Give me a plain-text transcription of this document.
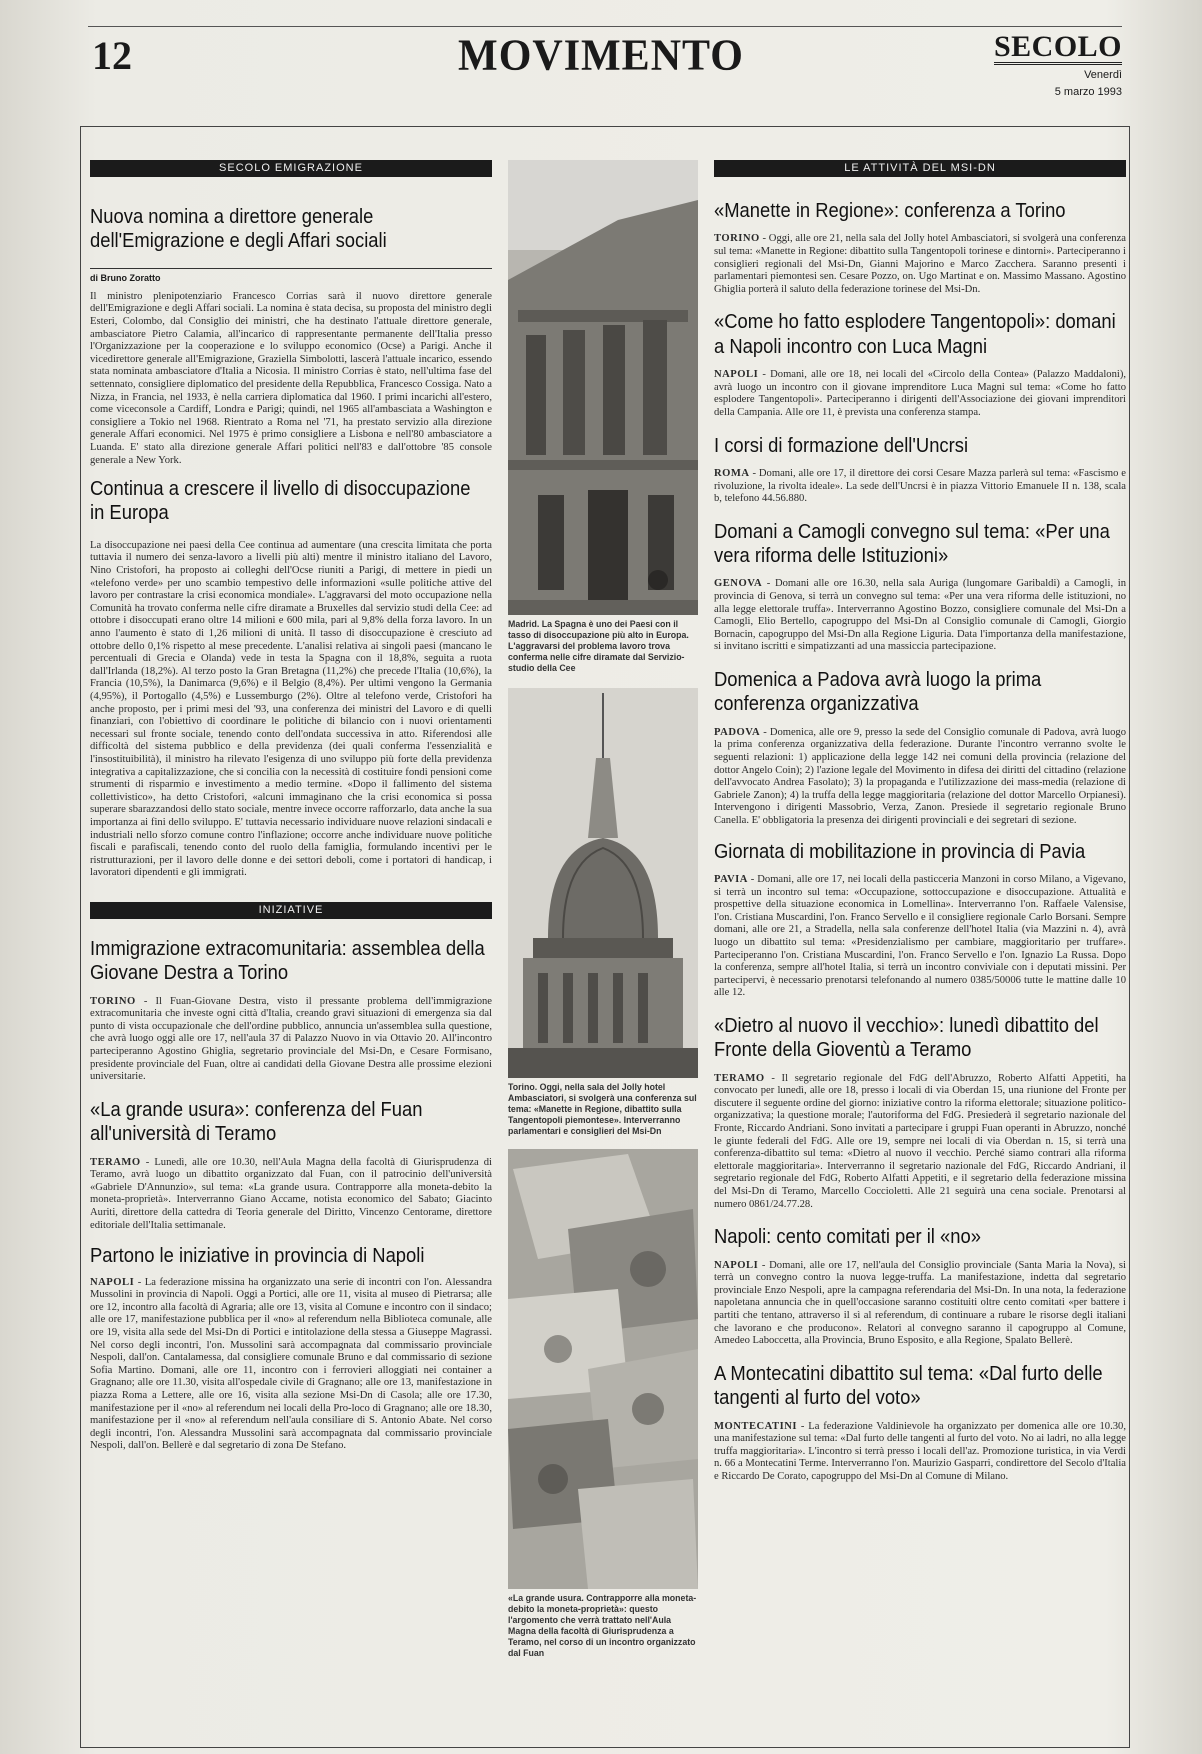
12	MOVIMENTO	SECOLO
Venerdì
5 marzo 1993
SECOLO EMIGRAZIONE
Nuova nomina a direttore generale dell'Emigrazione e degli Affari sociali
di Bruno Zoratto

Il ministro plenipotenziario Francesco Corrias sarà il nuovo direttore generale dell'Emigrazione e degli Affari sociali. La nomina è stata decisa, su proposta del ministro degli Esteri, Colombo, dal Consiglio dei ministri, che ha destinato l'attuale direttore generale, ambasciatore Pietro Calamia, all'incarico di rappresentante permanente dell'Italia presso l'Organizzazione per la cooperazione e lo sviluppo economico (Ocse) a Parigi. Anche il vicedirettore generale all'Emigrazione, Graziella Simbolotti, lascerà l'attuale incarico, essendo stata nominata ambasciatore d'Italia a Nicosia. Il ministro Corrias è stato, nell'ultima fase del settennato, consigliere diplomatico del presidente della Repubblica, Francesco Cossiga. Nato a Nizza, in Francia, nel 1933, è nella carriera diplomatica dal 1960. I primi incarichi all'estero, come viceconsole a Cardiff, Londra e Parigi; quindi, nel 1965 all'ambasciata a Washington e consigliere a Tokio nel 1968. Rientrato a Roma nel '71, ha prestato servizio alla direzione generale Affari economici. Nel 1975 è primo consigliere a Lisbona e nell'80 ambasciatore a Luanda. E' stato alla direzione generale Affari politici nell'83 e dall'ottobre '85 console generale a New York.

Continua a crescere il livello di disoccupazione in Europa

La disoccupazione nei paesi della Cee continua ad aumentare (una crescita limitata che porta tuttavia il numero dei senza-lavoro a livelli più alti) mentre il ministro italiano del Lavoro, Nino Cristofori, ha proposto ai colleghi dell'Ocse riuniti a Parigi, di mettere in piedi un «telefono verde» per uno scambio tempestivo delle informazioni «sulle politiche attive del lavoro per contrastare la crisi economica mondiale». L'aggravarsi del moto occupazione nella Comunità ha trovato conferma nelle cifre diramate a Bruxelles dal servizio studi della Cee: ad ottobre i disoccupati erano oltre 14 milioni e 600 mila, pari al 9,8% della forza lavoro. In un anno l'aumento è stato di 1,26 milioni di unità. Il tasso di disoccupazione è cresciuto ad ottobre dello 0,1% rispetto al mese precedente. L'analisi relativa ai singoli paesi (mancano le percentuali di Grecia e Olanda) vede in testa la Spagna con il 18,8%, seguita a ruota dall'Irlanda (18,2%). Al terzo posto la Gran Bretagna (11,2%) che precede l'Italia (10,6%), la Francia (10,5%), la Danimarca (9,6%) e il Belgio (8,4%). Per ultimi vengono la Germania (4,95%), il Portogallo (4,5%) e Lussemburgo (2%). Oltre al telefono verde, Cristofori ha anche proposto, per i primi mesi del '93, una conferenza dei ministri del Lavoro e di quelli finanziari, con l'obiettivo di coordinare le politiche di bilancio con i nuovi orientamenti necessari sul fronte sociale, tenendo conto dell'ondata successiva in atto. Riferendosi alle difficoltà del sistema pubblico e della previdenza (dei quali conferma l'essenzialità e l'insostituibilità), il ministro ha rilevato l'esigenza di uno sviluppo più forte della previdenza integrativa a capitalizzazione, che si concilia con la necessità di costituire fondi pensioni come strumenti di risparmio e investimento a medio termine. «Dopo il fallimento del sistema collettivistico», ha detto Cristofori, «alcuni immaginano che la crisi economica si possa superare sbarazzandosi dello stato sociale, mentre invece occorre rafforzarlo, data anche la sua importanza ai fini dello sviluppo. E' tuttavia necessario individuare nuove relazioni sindacali e industriali nello sforzo comune contro l'inflazione; occorre anche individuare nuove politiche fiscali e parafiscali, tenendo conto del ruolo della famiglia, formulando incentivi per le ristrutturazioni, per il lavoro delle donne e dei settori deboli, come i portatori di handicap, i lavoratori dipendenti e gli immigrati.

INIZIATIVE
Immigrazione extracomunitaria: assemblea della Giovane Destra a Torino

TORINO - Il Fuan-Giovane Destra, visto il pressante problema dell'immigrazione extracomunitaria che investe ogni città d'Italia, creando gravi situazioni di emergenza sia dal punto di vista occupazionale che dell'ordine pubblico, annuncia un'assemblea sulla questione, che avrà luogo oggi alle ore 17, nell'aula 37 di Palazzo Nuovo in via Ottavio 20. All'incontro parteciperanno Agostino Ghiglia, segretario provinciale del Msi-Dn, e Cesare Formisano, presidente provinciale del Fuan, oltre ai candidati della Giovane Destra alle prossime elezioni universitarie.

«La grande usura»: conferenza del Fuan all'università di Teramo

TERAMO - Lunedì, alle ore 10.30, nell'Aula Magna della facoltà di Giurisprudenza di Teramo, avrà luogo un dibattito organizzato dal Fuan, con il patrocinio dell'università «Gabriele D'Annunzio», sul tema: «La grande usura. Contrapporre alla moneta-debito la moneta-proprietà». Interverranno Giano Accame, notista economico del Sabato; Giacinto Auriti, direttore della cattedra di Teoria generale del Diritto, Vincenzo Centorame, direttore editoriale dell'Italia settimanale.

Partono le iniziative in provincia di Napoli

NAPOLI - La federazione missina ha organizzato una serie di incontri con l'on. Alessandra Mussolini in provincia di Napoli. Oggi a Portici, alle ore 11, visita al museo di Pietrarsa; alle ore 12, incontro alla facoltà di Agraria; alle ore 13, visita al Comune e incontro con il sindaco; alle ore 17, manifestazione pubblica per il «no» al referendum nella Biblioteca comunale, alle ore 19, visita alla sede del Msi-Dn di Portici e intitolazione della stessa a Giuseppe Magrassi. Nel corso degli incontri, l'on. Mussolini sarà accompagnata dal commissario provinciale Nespoli, dall'on. Cantalamessa, dal consigliere comunale Bruno e dal commissario di sezione Sofia Martino. Domani, alle ore 11, incontro con i ferrovieri alloggiati nei container a Gragnano; alle ore 11.30, visita all'ospedale civile di Gragnano; alle ore 13, manifestazione in piazza Roma a Lettere, alle ore 16, visita alla sezione Msi-Dn di Casola; alle ore 17.30, manifestazione per il «no» al referendum nei locali della Pro-loco di Gragnano; alle ore 18.30, manifestazione per il «no» al referendum nell'aula consiliare di S. Antonio Abate. Nel corso degli incontri, l'on. Alessandra Mussolini sarà accompagnata dal commissario provinciale Nespoli, dall'on. Bellerè e dal segretario di zona De Stefano.

Madrid. La Spagna è uno dei Paesi con il tasso di disoccupazione più alto in Europa. L'aggravarsi del problema lavoro trova conferma nelle cifre diramate dal Servizio-studio della Cee

Torino. Oggi, nella sala del Jolly hotel Ambasciatori, si svolgerà una conferenza sul tema: «Manette in Regione, dibattito sulla Tangentopoli piemontese». Interverranno parlamentari e consiglieri del Msi-Dn

«La grande usura. Contrapporre alla moneta-debito la moneta-proprietà»: questo l'argomento che verrà trattato nell'Aula Magna della facoltà di Giurisprudenza a Teramo, nel corso di un incontro organizzato dal Fuan

LE ATTIVITÀ DEL MSI-DN
«Manette in Regione»: conferenza a Torino

TORINO - Oggi, alle ore 21, nella sala del Jolly hotel Ambasciatori, si svolgerà una conferenza sul tema: «Manette in Regione: dibattito sulla Tangentopoli torinese e dintorni». Parteciperanno i consiglieri regionali del Msi-Dn, Gianni Majorino e Marco Zacchera. Saranno presenti i parlamentari piemontesi sen. Cesare Pozzo, on. Ugo Martinat e on. Massimo Massano. Agostino Ghiglia porterà il saluto della federazione torinese del Msi-Dn.

«Come ho fatto esplodere Tangentopoli»: domani a Napoli incontro con Luca Magni

NAPOLI - Domani, alle ore 18, nei locali del «Circolo della Contea» (Palazzo Maddaloni), avrà luogo un incontro con il giovane imprenditore Luca Magni sul tema: «Come ho fatto esplodere Tangentopoli». Parteciperanno i dirigenti dell'Associazione dei giovani imprenditori della Campania. Alle ore 11, è prevista una conferenza stampa.

I corsi di formazione dell'Uncrsi

ROMA - Domani, alle ore 17, il direttore dei corsi Cesare Mazza parlerà sul tema: «Fascismo e rivoluzione, la rivolta ideale». La sede dell'Uncrsi è in piazza Vittorio Emanuele II n. 138, scala b, telefono 44.56.880.

Domani a Camogli convegno sul tema: «Per una vera riforma delle Istituzioni»

GENOVA - Domani alle ore 16.30, nella sala Auriga (lungomare Garibaldi) a Camogli, in provincia di Genova, si terrà un convegno sul tema: «Per una vera riforma delle istituzioni, no alla legge elettorale truffa». Interverranno Agostino Bozzo, consigliere comunale del Msi-Dn a Camogli, Elio Bertello, capogruppo del Msi-Dn al Consiglio comunale di Camogli, Giorgio Bornacin, capogruppo del Msi-Dn alla Regione Liguria. Data l'importanza della manifestazione, si invitano iscritti e simpatizzanti ad una massiccia partecipazione.

Domenica a Padova avrà luogo la prima conferenza organizzativa

PADOVA - Domenica, alle ore 9, presso la sede del Consiglio comunale di Padova, avrà luogo la prima conferenza organizzativa della federazione. Durante l'incontro verranno svolte le seguenti relazioni: 1) applicazione della legge 142 nei comuni della provincia (relazione del dottor Angelo Coin); 2) l'azione legale del Movimento in difesa dei diritti del cittadino (relazione dell'avvocato Andrea Fasolato); 3) la propaganda e l'utilizzazione dei mass-media (relazione di Gabriele Zanon); 4) la truffa della legge maggioritaria (relazione del dottor Marcello Orpianesi). Intervengono i dirigenti Massobrio, Verza, Zanon. Presiede il segretario regionale Bruno Canella. E' obbligatoria la presenza dei dirigenti provinciali e dei segretari di sezione.

Giornata di mobilitazione in provincia di Pavia

PAVIA - Domani, alle ore 17, nei locali della pasticceria Manzoni in corso Milano, a Vigevano, si terrà un incontro sul tema: «Occupazione, sottoccupazione e disoccupazione. Attualità e prospettive della situazione economica in Lomellina». Interverranno l'on. Raffaele Valensise, l'on. Cristiana Muscardini, l'on. Franco Servello e il consigliere regionale Carlo Borsani. Sempre domani, alle ore 21, a Stradella, nella sala conferenze dell'hotel Italia (via Mazzini n. 4), avrà luogo un dibattito sul tema: «Presidenzialismo per cambiare, maggioritario per truffare». Parteciperanno l'on. Cristiana Muscardini, l'on. Franco Servello e l'on. Ignazio La Russa. Dopo la conferenza, sempre all'hotel Italia, si terrà un incontro conviviale con i deputati missini. Per partecipervi, è necessario prenotarsi telefonando al numero 0385/50006 tutte le mattine dalle 10 alle 12.

«Dietro al nuovo il vecchio»: lunedì dibattito del Fronte della Gioventù a Teramo

TERAMO - Il segretario regionale del FdG dell'Abruzzo, Roberto Alfatti Appetiti, ha convocato per lunedì, alle ore 18, presso i locali di via Oberdan 15, una riunione del Fronte per discutere il seguente ordine del giorno: iniziative contro la riforma elettorale; situazione politico-organizzativa; la questione morale; l'autoriforma del FdG. Presiederà il segretario nazionale del Fronte, Riccardo Andriani. Sono invitati a partecipare i gruppi Fuan operanti in Abruzzo, nonché le giunte federali del FdG. Alle ore 19, sempre nei locali di via Oberdan n. 15, si terrà una conferenza-dibattito sul tema: «Dietro al nuovo il vecchio. Perché siamo contrari alla riforma elettorale maggioritaria». Interverranno il segretario nazionale del FdG, Riccardo Andriani, il segretario regionale del FdG, Roberto Alfatti Appetiti, e il segretario della federazione missina del Msi-Dn di Teramo, Marcello Coccioletti. Alle 21 seguirà una cena sociale. Prenotarsi al numero 0861/24.77.28.

Napoli: cento comitati per il «no»

NAPOLI - Domani, alle ore 17, nell'aula del Consiglio provinciale (Santa Maria la Nova), si terrà un convegno contro la nuova legge-truffa. La manifestazione, indetta dal segretario provinciale Enzo Nespoli, apre la campagna referendaria del Msi-Dn. In una nota, la federazione napoletana annuncia che in quell'occasione saranno costituiti oltre cento comitati «per battere i partiti che tentano, attraverso il sì al referendum, di continuare a rubare le risorse degli italiani che lavorano e che producono». Relatori al convegno saranno il capogruppo al Comune, Amedeo Laboccetta, alla Provincia, Bruno Esposito, e alla Regione, Spalato Bellerè.

A Montecatini dibattito sul tema: «Dal furto delle tangenti al furto del voto»

MONTECATINI - La federazione Valdinievole ha organizzato per domenica alle ore 10.30, una manifestazione sul tema: «Dal furto delle tangenti al furto del voto. No ai ladri, no alla legge truffa maggioritaria». L'incontro si terrà presso i locali dell'az. Promozione turistica, in via Verdi n. 66 a Montecatini Terme. Interverranno l'on. Maurizio Gasparri, condirettore del Secolo d'Italia e Riccardo De Corato, capogruppo del Msi-Dn al Comune di Milano.
